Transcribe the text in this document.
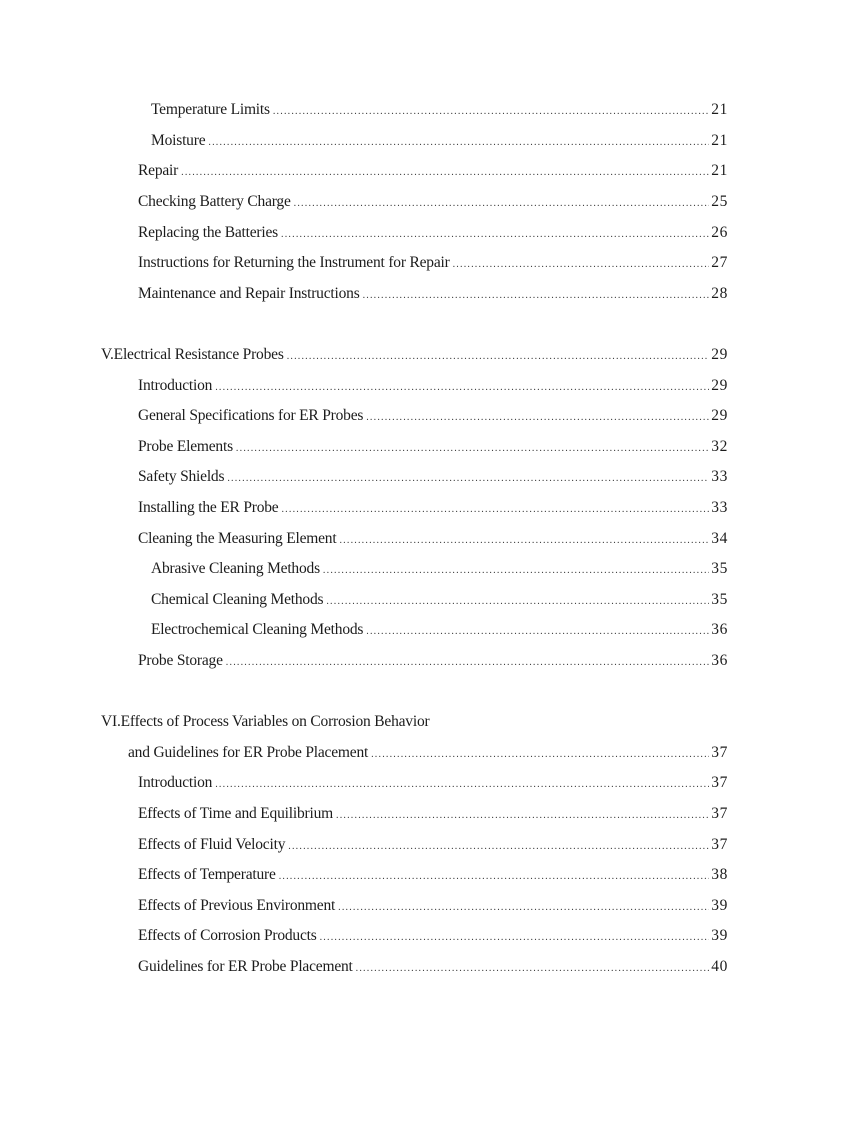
Temperature Limits .....	21
Moisture .....	21
Repair .....	21
Checking Battery Charge .....	25
Replacing the Batteries .....	26
Instructions for Returning the Instrument for Repair .....	27
Maintenance and Repair Instructions .....	28
V. Electrical Resistance Probes .....	29
Introduction .....	29
General Specifications for ER Probes .....	29
Probe Elements .....	32
Safety Shields .....	33
Installing the ER Probe .....	33
Cleaning the Measuring Element .....	34
Abrasive Cleaning Methods .....	35
Chemical Cleaning Methods .....	35
Electrochemical Cleaning Methods .....	36
Probe Storage .....	36
VI.Effects of Process Variables on Corrosion Behavior
and Guidelines for ER Probe Placement .....	37
Introduction .....	37
Effects of Time and Equilibrium .....	37
Effects of Fluid Velocity .....	37
Effects of Temperature .....	38
Effects of Previous Environment .....	39
Effects of Corrosion Products .....	39
Guidelines for ER Probe Placement .....	40
